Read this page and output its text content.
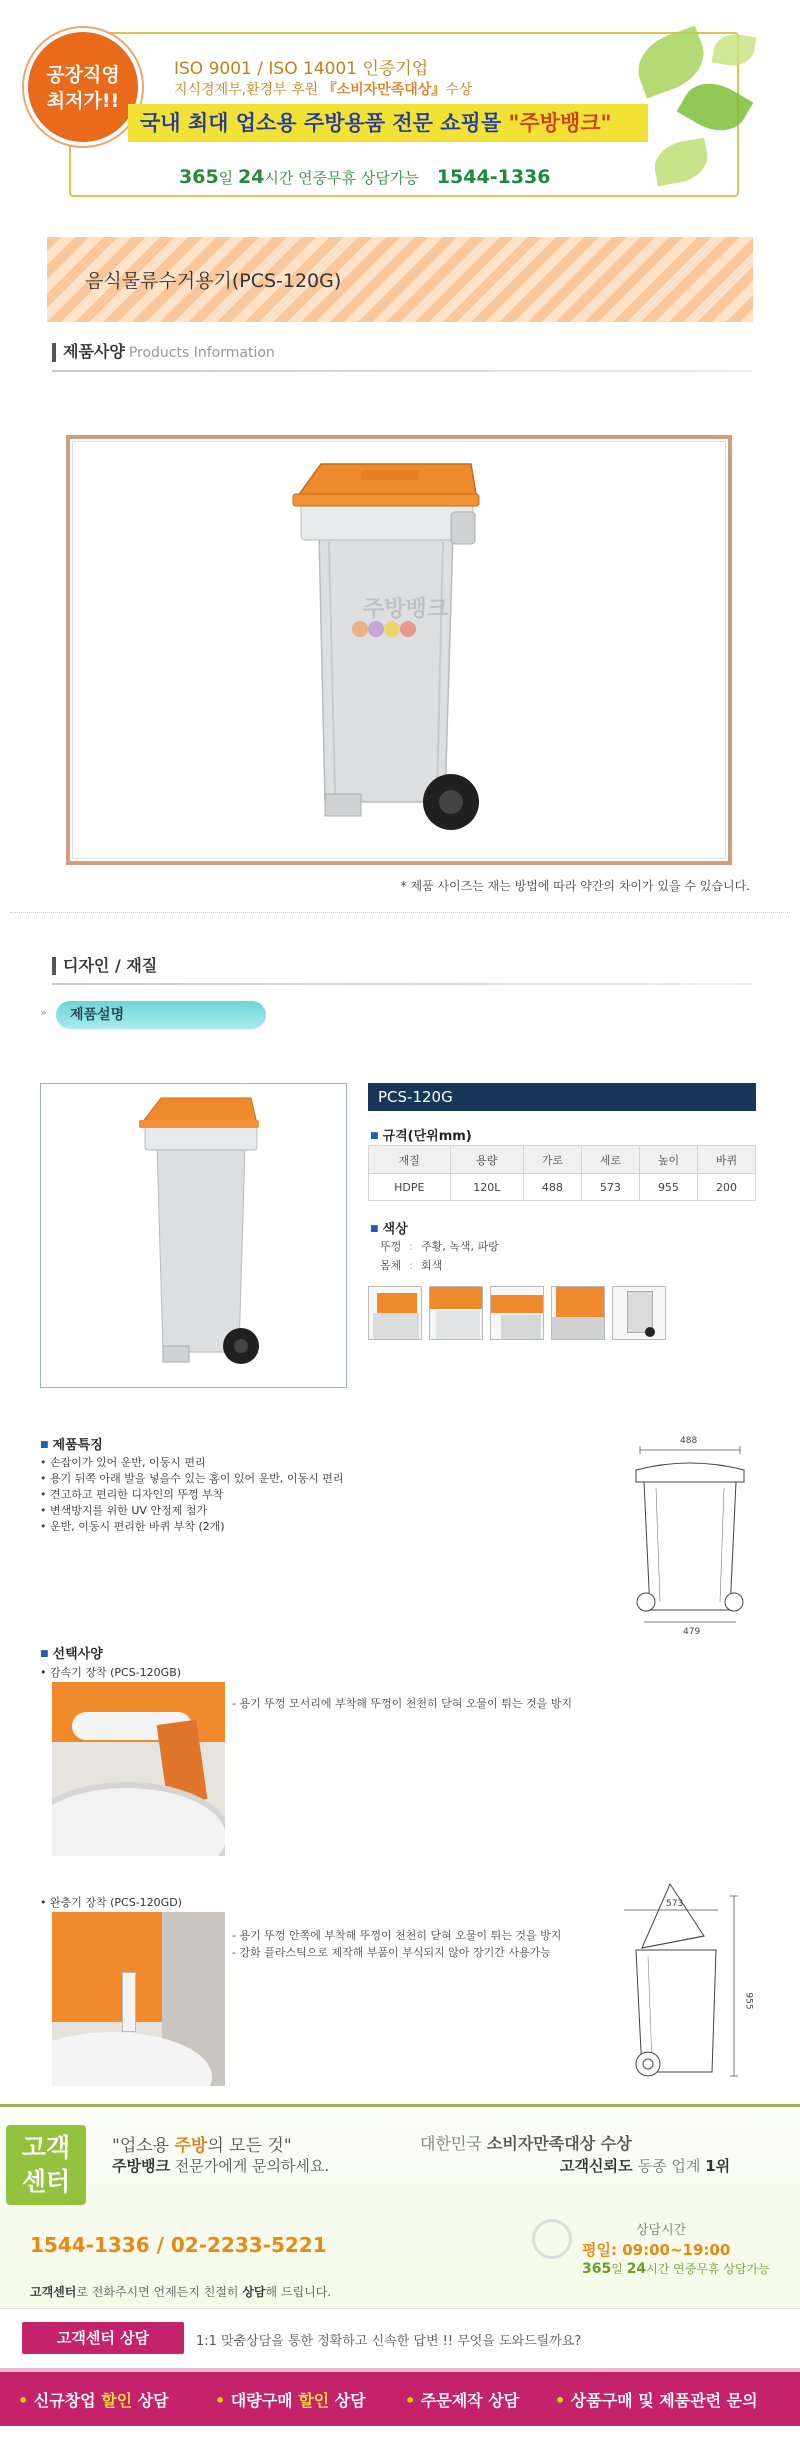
공장직영
최저가!!
ISO 9001 / ISO 14001 인증기업
지식경제부,환경부 후원 『소비자만족대상』수상
국내 최대 업소용 주방용품 전문 쇼핑몰 "주방뱅크"
365일 24시간 연중무휴 상담가능 1544-1336
음식물류수거용기(PCS-120G)
제품사양 Products Information
주방뱅크
* 제품 사이즈는 재는 방법에 따라 약간의 차이가 있을 수 있습니다.
디자인 / 재질
»	제품설명
PCS-120G
■ 규격(단위mm)
재질	용량	가로	세로	높이	바퀴
HDPE	120L	488	573	955	200
■ 색상
뚜껑 : 주황, 녹색, 파랑
몸체 : 회색
■ 제품특징
• 손잡이가 있어 운반, 이동시 편리
• 용기 뒤쪽 아래 발을 넣을수 있는 홈이 있어 운반, 이동시 편리
• 견고하고 편리한 디자인의 뚜껑 부착
• 변색방지를 위한 UV 안정제 첨가
• 운반, 이동시 편리한 바퀴 부착 (2개)
488
479
■ 선택사양
• 감속기 장착 (PCS-120GB)
- 용기 뚜껑 모서리에 부착해 뚜껑이 천천히 닫혀 오물이 튀는 것을 방지
• 완충기 장착 (PCS-120GD)
- 용기 뚜껑 안쪽에 부착해 뚜껑이 천천히 닫혀 오물이 튀는 것을 방지
- 강화 플라스틱으로 제작해 부품이 부식되지 않아 장기간 사용가능
573
955
고객
센터
"업소용 주방의 모든 것"
주방뱅크 전문가에게 문의하세요.
1544-1336 / 02-2233-5221
고객센터로 전화주시면 언제든지 친절히 상담해 드립니다.
대한민국 소비자만족대상 수상
고객신뢰도 동종 업계 1위
상담시간
평일: 09:00~19:00
365일 24시간 연중무휴 상담가능
고객센터 상담	1:1 맞춤상담을 통한 정확하고 신속한 답변 !! 무엇을 도와드릴까요?
• 신규창업 할인 상담	• 대량구매 할인 상담	• 주문제작 상담	• 상품구매 및 제품관련 문의
